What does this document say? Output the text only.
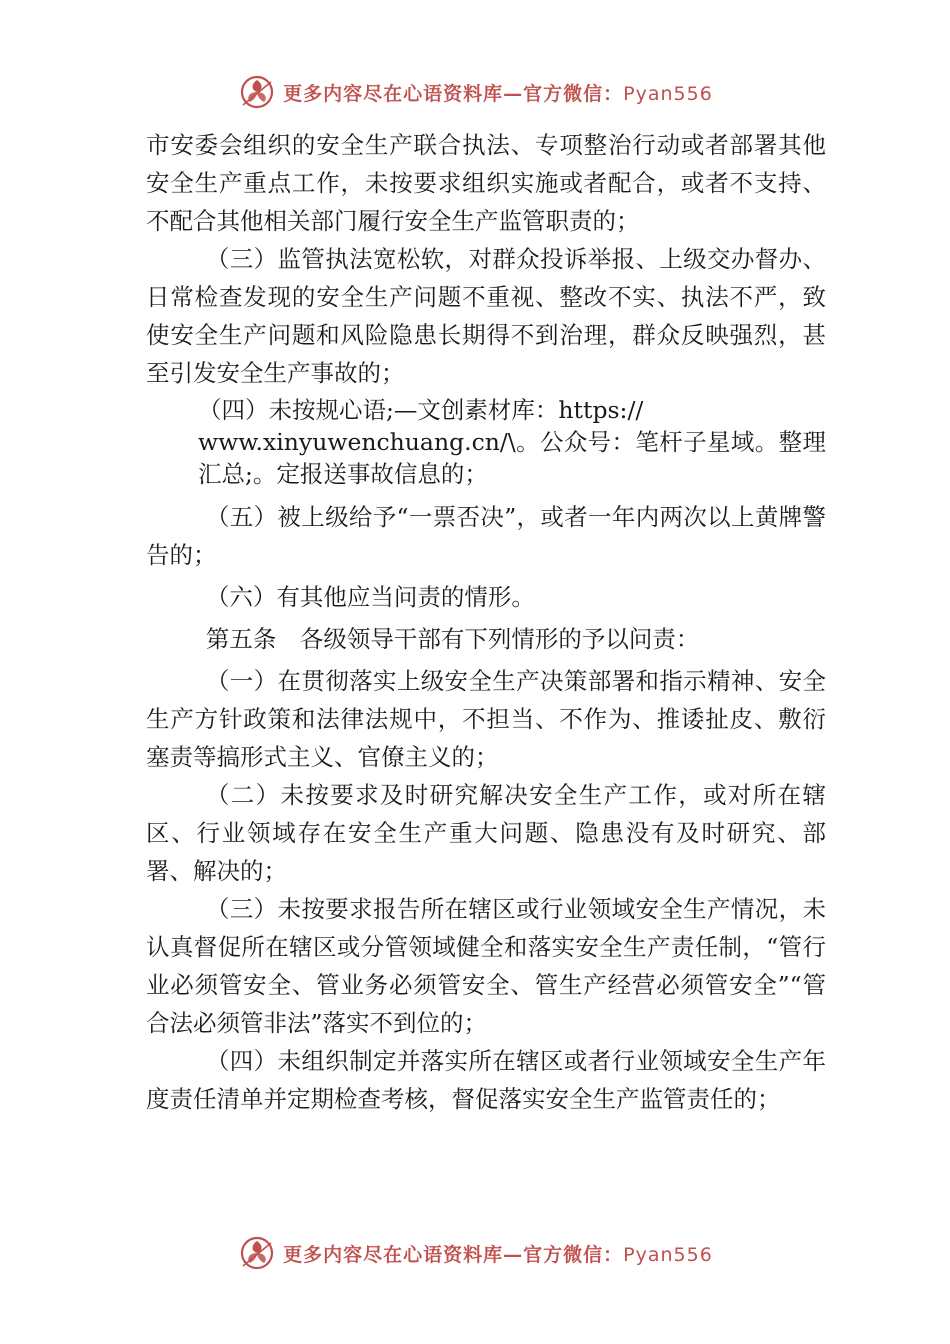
更多内容尽在心语资料库—官方微信：Pyan556

市安委会组织的安全生产联合执法、专项整治行动或者部署其他安全生产重点工作，未按要求组织实施或者配合，或者不支持、不配合其他相关部门履行安全生产监管职责的；

（三）监管执法宽松软，对群众投诉举报、上级交办督办、日常检查发现的安全生产问题不重视、整改不实、执法不严，致使安全生产问题和风险隐患长期得不到治理，群众反映强烈，甚至引发安全生产事故的；

（四）未按规心语;—文创素材库：https://
www.xinyuwenchuang.cn/\。公众号：笔杆子星域。整理汇总;。定报送事故信息的；

（五）被上级给予“一票否决”，或者一年内两次以上黄牌警告的；

（六）有其他应当问责的情形。

第五条　各级领导干部有下列情形的予以问责：

（一）在贯彻落实上级安全生产决策部署和指示精神、安全生产方针政策和法律法规中，不担当、不作为、推诿扯皮、敷衍塞责等搞形式主义、官僚主义的；

（二）未按要求及时研究解决安全生产工作，或对所在辖区、行业领域存在安全生产重大问题、隐患没有及时研究、部署、解决的；

（三）未按要求报告所在辖区或行业领域安全生产情况，未认真督促所在辖区或分管领域健全和落实安全生产责任制，“管行业必须管安全、管业务必须管安全、管生产经营必须管安全”“管合法必须管非法”落实不到位的；

（四）未组织制定并落实所在辖区或者行业领域安全生产年度责任清单并定期检查考核，督促落实安全生产监管责任的；

更多内容尽在心语资料库—官方微信：Pyan556
